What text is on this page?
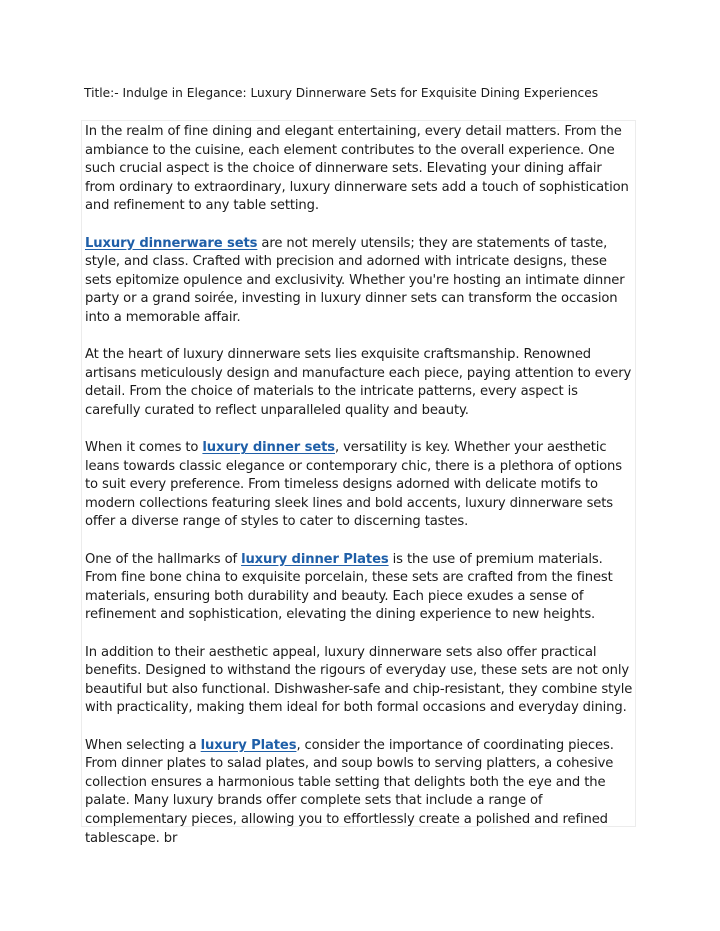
Title:- Indulge in Elegance: Luxury Dinnerware Sets for Exquisite Dining Experiences

In the realm of fine dining and elegant entertaining, every detail matters. From the ambiance to the cuisine, each element contributes to the overall experience. One such crucial aspect is the choice of dinnerware sets. Elevating your dining affair from ordinary to extraordinary, luxury dinnerware sets add a touch of sophistication and refinement to any table setting.

Luxury dinnerware sets are not merely utensils; they are statements of taste, style, and class. Crafted with precision and adorned with intricate designs, these sets epitomize opulence and exclusivity. Whether you're hosting an intimate dinner party or a grand soirée, investing in luxury dinner sets can transform the occasion into a memorable affair.

At the heart of luxury dinnerware sets lies exquisite craftsmanship. Renowned artisans meticulously design and manufacture each piece, paying attention to every detail. From the choice of materials to the intricate patterns, every aspect is carefully curated to reflect unparalleled quality and beauty.

When it comes to luxury dinner sets, versatility is key. Whether your aesthetic leans towards classic elegance or contemporary chic, there is a plethora of options to suit every preference. From timeless designs adorned with delicate motifs to modern collections featuring sleek lines and bold accents, luxury dinnerware sets offer a diverse range of styles to cater to discerning tastes.

One of the hallmarks of luxury dinner Plates is the use of premium materials. From fine bone china to exquisite porcelain, these sets are crafted from the finest materials, ensuring both durability and beauty. Each piece exudes a sense of refinement and sophistication, elevating the dining experience to new heights.

In addition to their aesthetic appeal, luxury dinnerware sets also offer practical benefits. Designed to withstand the rigours of everyday use, these sets are not only beautiful but also functional. Dishwasher-safe and chip-resistant, they combine style with practicality, making them ideal for both formal occasions and everyday dining.

When selecting a luxury Plates, consider the importance of coordinating pieces. From dinner plates to salad plates, and soup bowls to serving platters, a cohesive collection ensures a harmonious table setting that delights both the eye and the palate. Many luxury brands offer complete sets that include a range of complementary pieces, allowing you to effortlessly create a polished and refined tablescape. br
